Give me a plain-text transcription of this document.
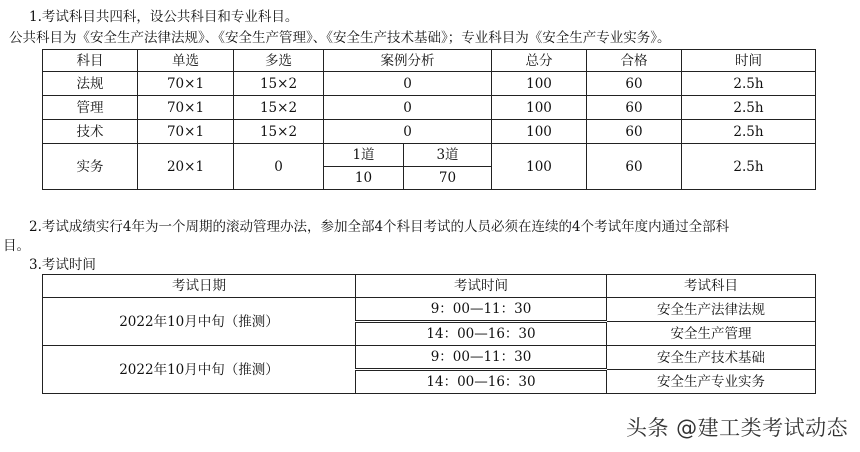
1.考试科目共四科，设公共科目和专业科目。
公共科目为《安全生产法律法规》、《安全生产管理》、《安全生产技术基础》；专业科目为《安全生产专业实务》。
科目	单选	多选	案例分析		总分	合格	时间
法规	70×1	15×2	0		100	60	2.5h
管理	70×1	15×2	0		100	60	2.5h
技术	70×1	15×2	0		100	60	2.5h
实务	20×1	0	1道	3道	100	60	2.5h
			10	70			
2.考试成绩实行4年为一个周期的滚动管理办法，参加全部4个科目考试的人员必须在连续的4个考试年度内通过全部科
目。
3.考试时间
考试日期	考试时间	考试科目
2022年10月中旬（推测）	9：00—11：30	安全生产法律法规
	14：00—16：30	安全生产管理
2022年10月中旬（推测）	9：00—11：30	安全生产技术基础
	14：00—16：30	安全生产专业实务
头条 @建工类考试动态
